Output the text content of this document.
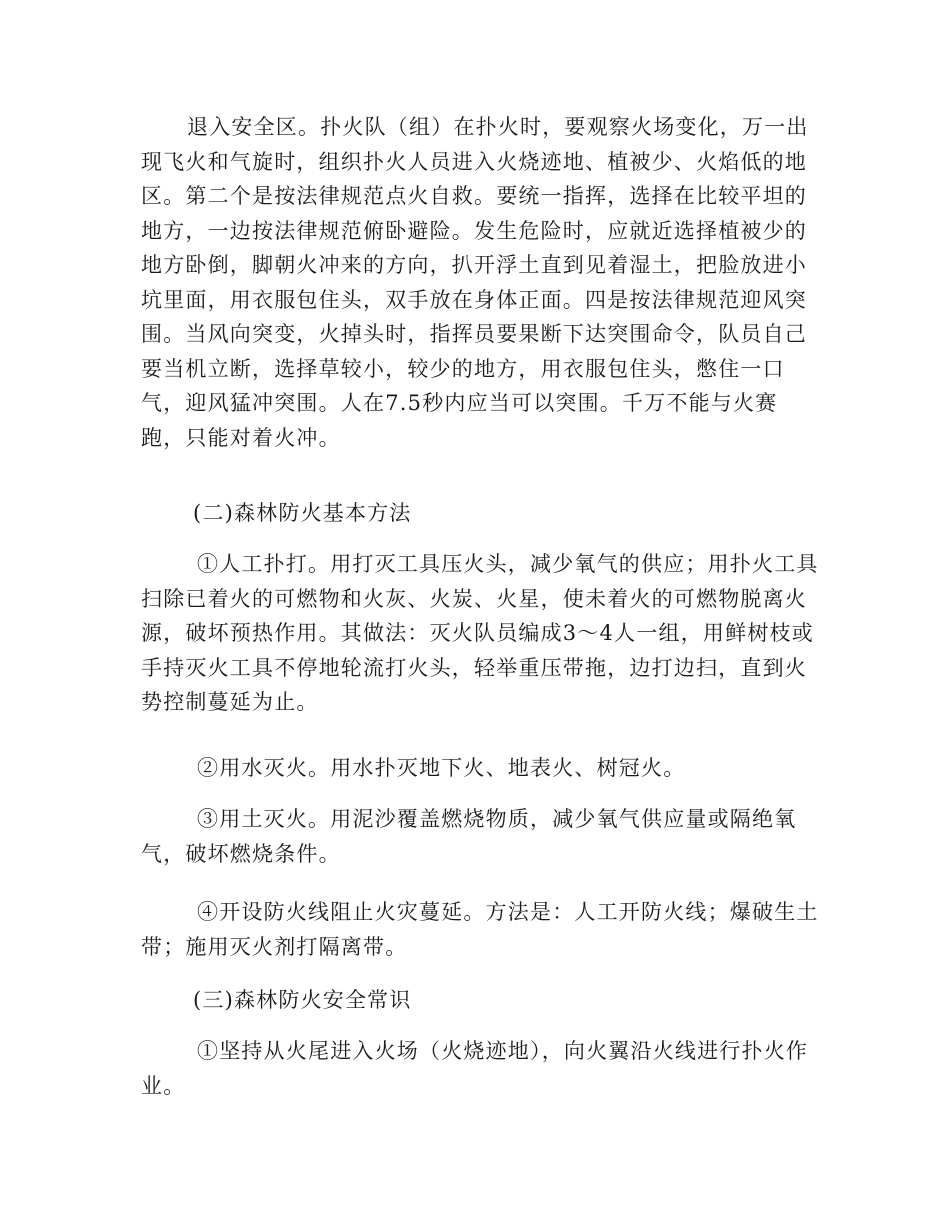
退入安全区。扑火队（组）在扑火时，要观察火场变化，万一出
现飞火和气旋时，组织扑火人员进入火烧迹地、植被少、火焰低的地
区。第二个是按法律规范点火自救。要统一指挥，选择在比较平坦的
地方，一边按法律规范俯卧避险。发生危险时，应就近选择植被少的
地方卧倒，脚朝火冲来的方向，扒开浮土直到见着湿土，把脸放进小
坑里面，用衣服包住头，双手放在身体正面。四是按法律规范迎风突
围。当风向突变，火掉头时，指挥员要果断下达突围命令，队员自己
要当机立断，选择草较小，较少的地方，用衣服包住头，憋住一口
气，迎风猛冲突围。人在7.5秒内应当可以突围。千万不能与火赛
跑，只能对着火冲。
(二)森林防火基本方法
①人工扑打。用打灭工具压火头，减少氧气的供应；用扑火工具
扫除已着火的可燃物和火灰、火炭、火星，使未着火的可燃物脱离火
源，破坏预热作用。其做法：灭火队员编成3～4人一组，用鲜树枝或
手持灭火工具不停地轮流打火头，轻举重压带拖，边打边扫，直到火
势控制蔓延为止。
②用水灭火。用水扑灭地下火、地表火、树冠火。
③用土灭火。用泥沙覆盖燃烧物质，减少氧气供应量或隔绝氧
气，破坏燃烧条件。
④开设防火线阻止火灾蔓延。方法是：人工开防火线；爆破生土
带；施用灭火剂打隔离带。
(三)森林防火安全常识
①坚持从火尾进入火场（火烧迹地），向火翼沿火线进行扑火作
业。
